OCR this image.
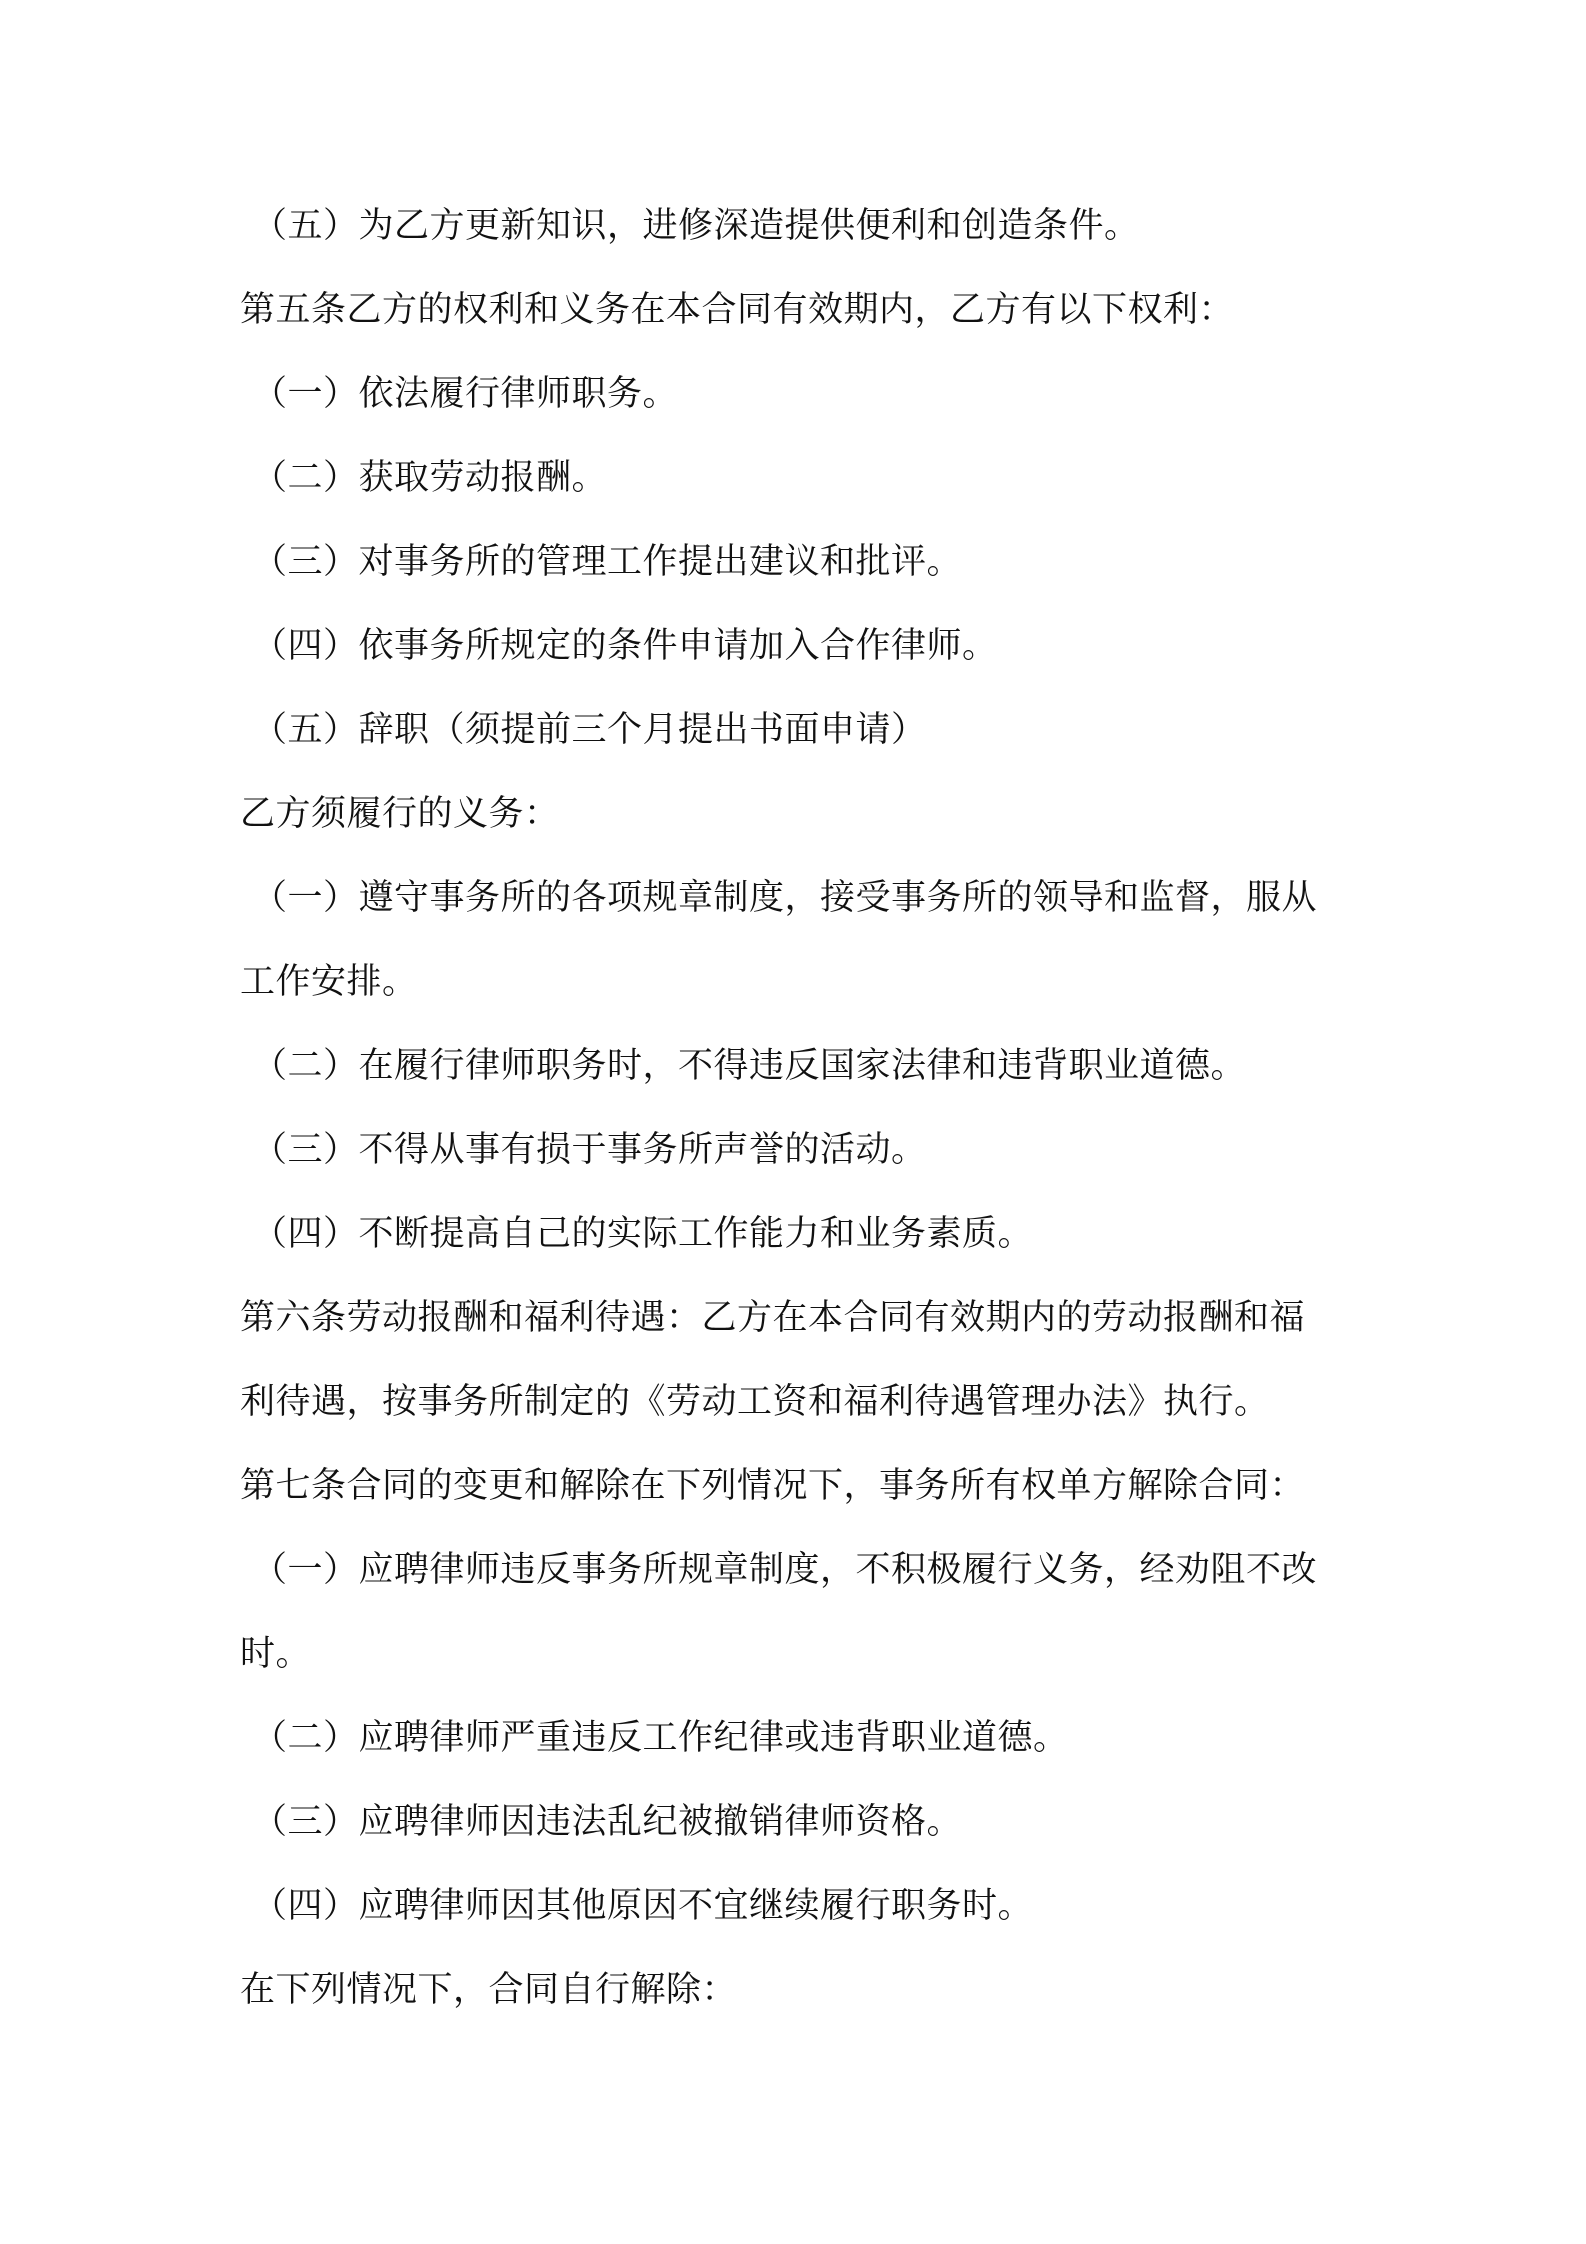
（五）为乙方更新知识，进修深造提供便利和创造条件。
第五条乙方的权利和义务在本合同有效期内，乙方有以下权利：
（一）依法履行律师职务。
（二）获取劳动报酬。
（三）对事务所的管理工作提出建议和批评。
（四）依事务所规定的条件申请加入合作律师。
（五）辞职（须提前三个月提出书面申请）
乙方须履行的义务：
（一）遵守事务所的各项规章制度，接受事务所的领导和监督，服从
工作安排。
（二）在履行律师职务时，不得违反国家法律和违背职业道德。
（三）不得从事有损于事务所声誉的活动。
（四）不断提高自己的实际工作能力和业务素质。
第六条劳动报酬和福利待遇：乙方在本合同有效期内的劳动报酬和福
利待遇，按事务所制定的《劳动工资和福利待遇管理办法》执行。
第七条合同的变更和解除在下列情况下，事务所有权单方解除合同：
（一）应聘律师违反事务所规章制度，不积极履行义务，经劝阻不改
时。
（二）应聘律师严重违反工作纪律或违背职业道德。
（三）应聘律师因违法乱纪被撤销律师资格。
（四）应聘律师因其他原因不宜继续履行职务时。
在下列情况下，合同自行解除：
